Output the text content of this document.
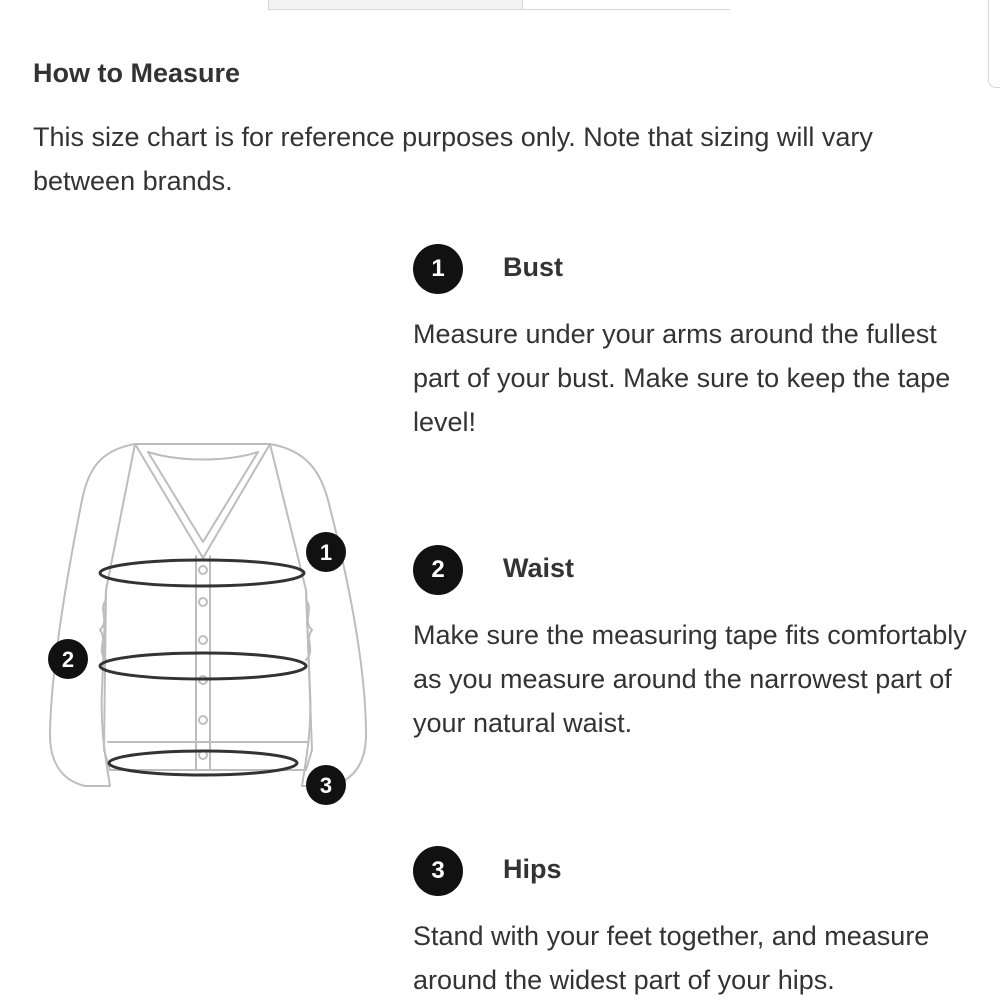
How to Measure

This size chart is for reference purposes only. Note that sizing will vary between brands.

1
2
3
1	Bust

Measure under your arms around the fullest part of your bust. Make sure to keep the tape level!

2	Waist

Make sure the measuring tape fits comfortably as you measure around the narrowest part of your natural waist.

3	Hips

Stand with your feet together, and measure around the widest part of your hips.
